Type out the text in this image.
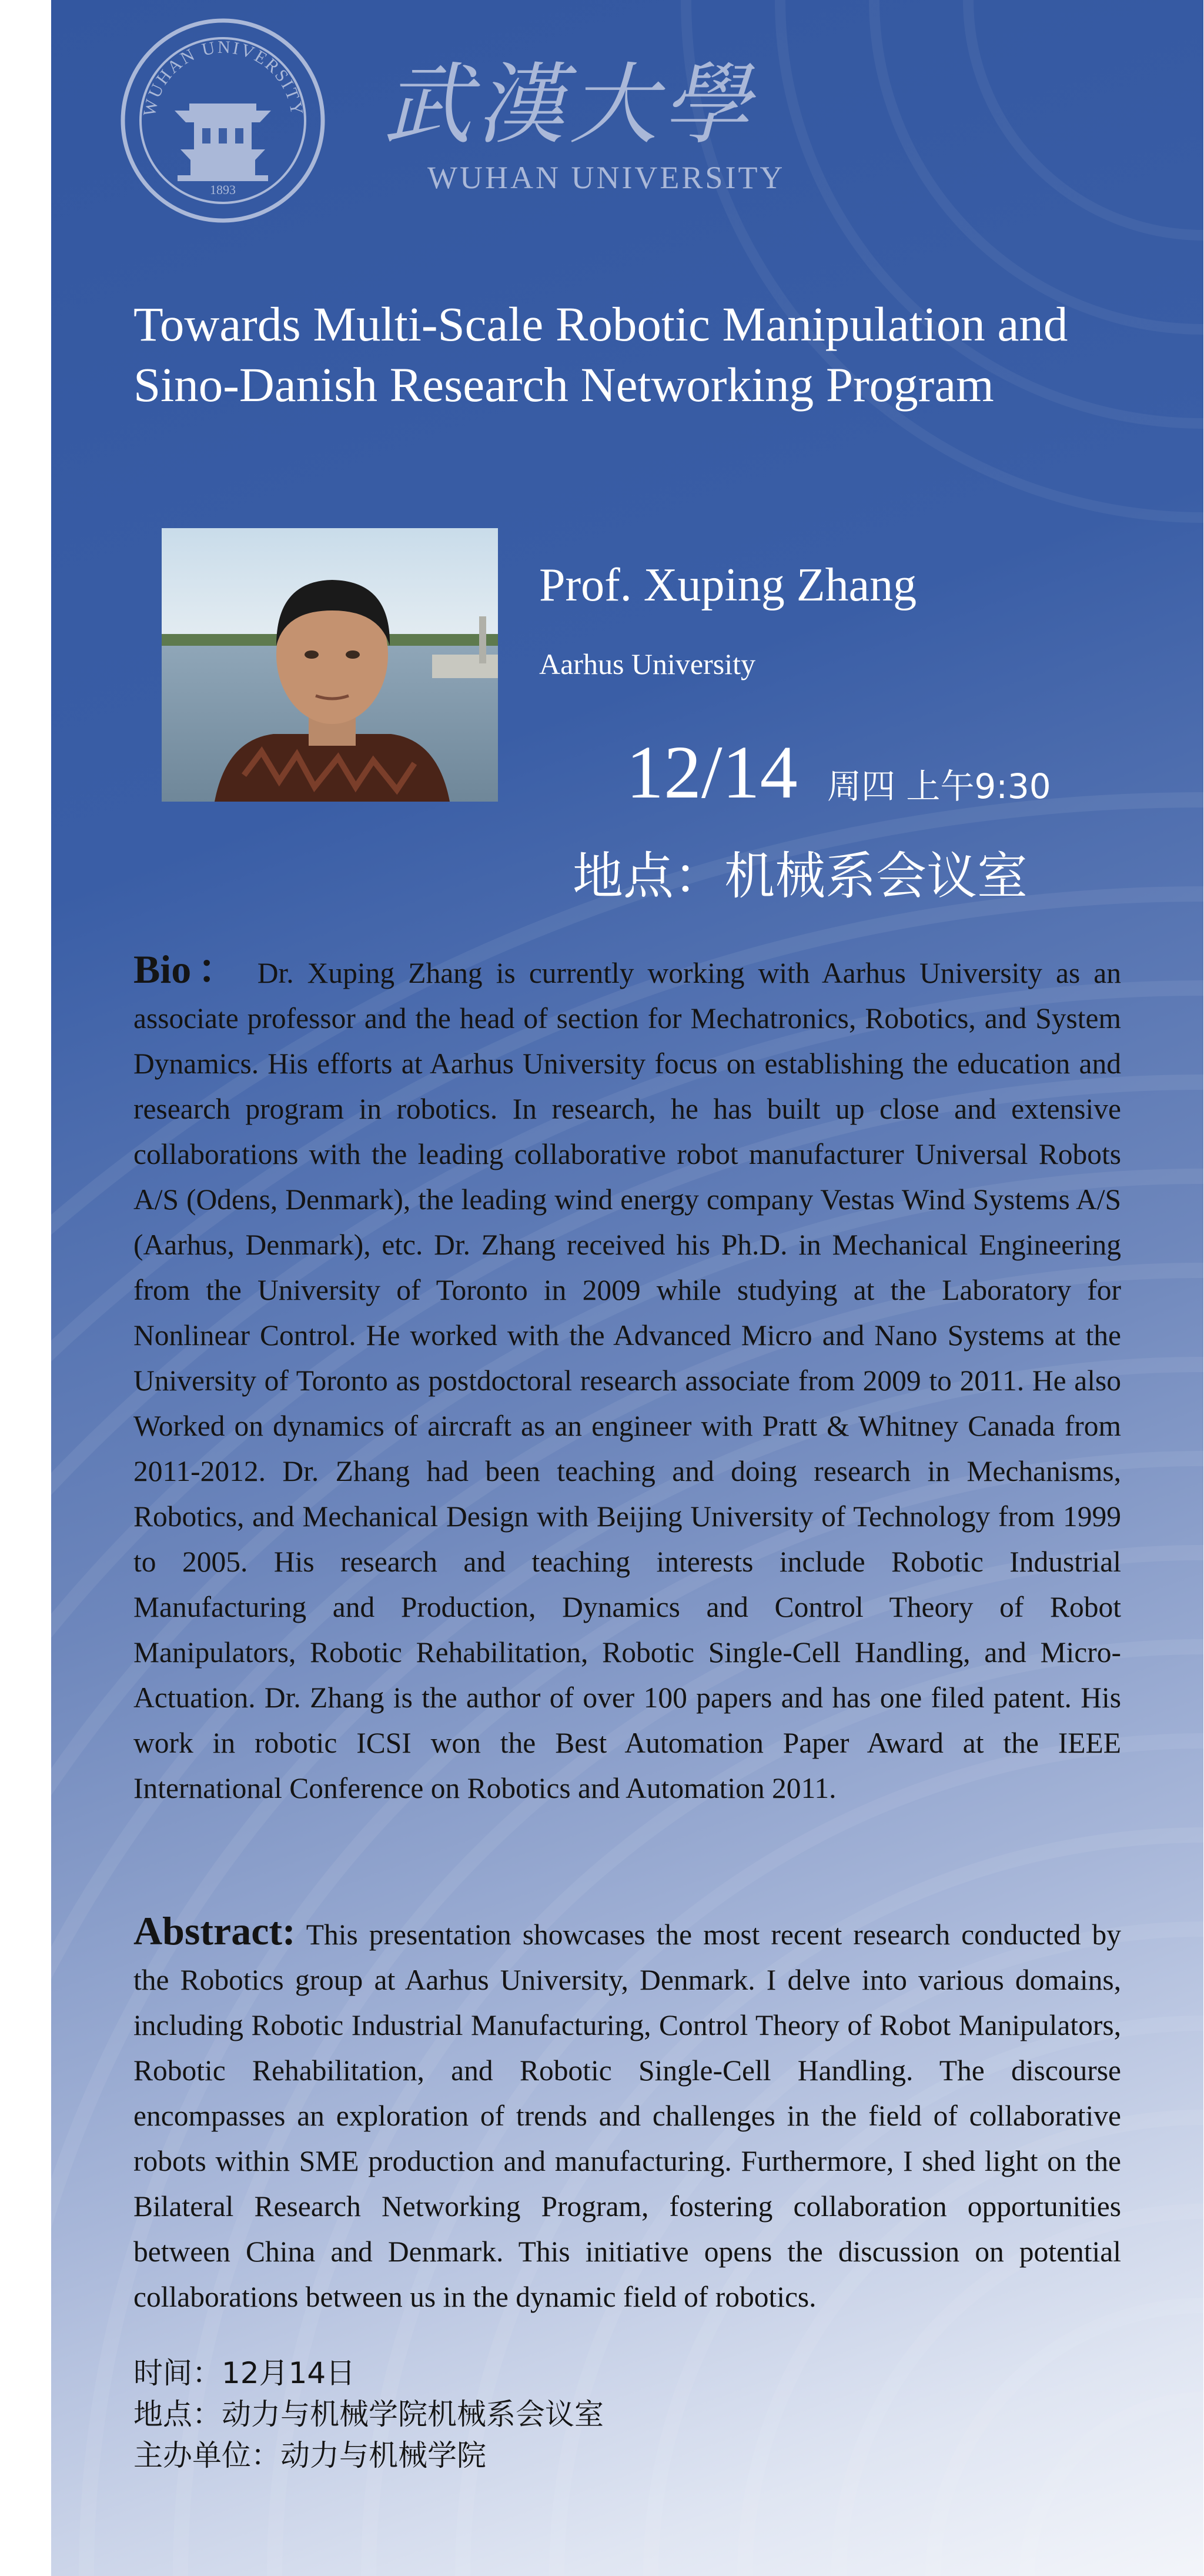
WUHAN UNIVERSITY
1893
武漢大學
WUHAN UNIVERSITY
Towards Multi-Scale Robotic Manipulation and
Sino-Danish Research Networking Program
Prof. Xuping Zhang
Aarhus University
12/14 周四 上午9:30
地点：机械系会议室
Bio： Dr. Xuping Zhang is currently working with Aarhus University as an associate professor and the head of section for Mechatronics, Robotics, and System Dynamics. His efforts at Aarhus University focus on establishing the education and research program in robotics. In research, he has built up close and extensive collaborations with the leading collaborative robot manufacturer Universal Robots A/S (Odens, Denmark), the leading wind energy company Vestas Wind Systems A/S (Aarhus, Denmark), etc. Dr. Zhang received his Ph.D. in Mechanical Engineering from the University of Toronto in 2009 while studying at the Laboratory for Nonlinear Control. He worked with the Advanced Micro and Nano Systems at the University of Toronto as postdoctoral research associate from 2009 to 2011. He also Worked on dynamics of aircraft as an engineer with Pratt & Whitney Canada from 2011-2012. Dr. Zhang had been teaching and doing research in Mechanisms, Robotics, and Mechanical Design with Beijing University of Technology from 1999 to 2005. His research and teaching interests include Robotic Industrial Manufacturing and Production, Dynamics and Control Theory of Robot Manipulators, Robotic Rehabilitation, Robotic Single-Cell Handling, and Micro-Actuation. Dr. Zhang is the author of over 100 papers and has one filed patent. His work in robotic ICSI won the Best Automation Paper Award at the IEEE International Conference on Robotics and Automation 2011.
Abstract: This presentation showcases the most recent research conducted by the Robotics group at Aarhus University, Denmark. I delve into various domains, including Robotic Industrial Manufacturing, Control Theory of Robot Manipulators, Robotic Rehabilitation, and Robotic Single-Cell Handling. The discourse encompasses an exploration of trends and challenges in the field of collaborative robots within SME production and manufacturing. Furthermore, I shed light on the Bilateral Research Networking Program, fostering collaboration opportunities between China and Denmark. This initiative opens the discussion on potential collaborations between us in the dynamic field of robotics.
时间：12月14日
地点：动力与机械学院机械系会议室
主办单位：动力与机械学院
